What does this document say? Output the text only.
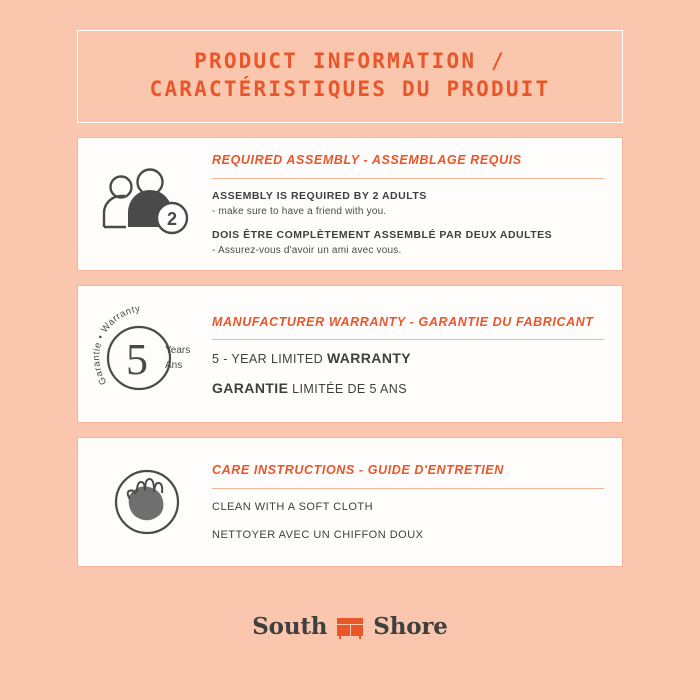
PRODUCT INFORMATION /
CARACTÉRISTIQUES DU PRODUIT
2
REQUIRED ASSEMBLY - ASSEMBLAGE REQUIS
ASSEMBLY IS REQUIRED BY 2 ADULTS
- make sure to have a friend with you.
DOIS ÊTRE COMPLÈTEMENT ASSEMBLÉ PAR DEUX ADULTES
- Assurez-vous d'avoir un ami avec vous.
5 Years
Ans
Garantie • Warranty
MANUFACTURER WARRANTY - GARANTIE DU FABRICANT
5 - YEAR LIMITED WARRANTY
GARANTIE LIMITÉE DE 5 ANS
CARE INSTRUCTIONS - GUIDE D'ENTRETIEN
CLEAN WITH A SOFT CLOTH
NETTOYER AVEC UN CHIFFON DOUX
South Shore
